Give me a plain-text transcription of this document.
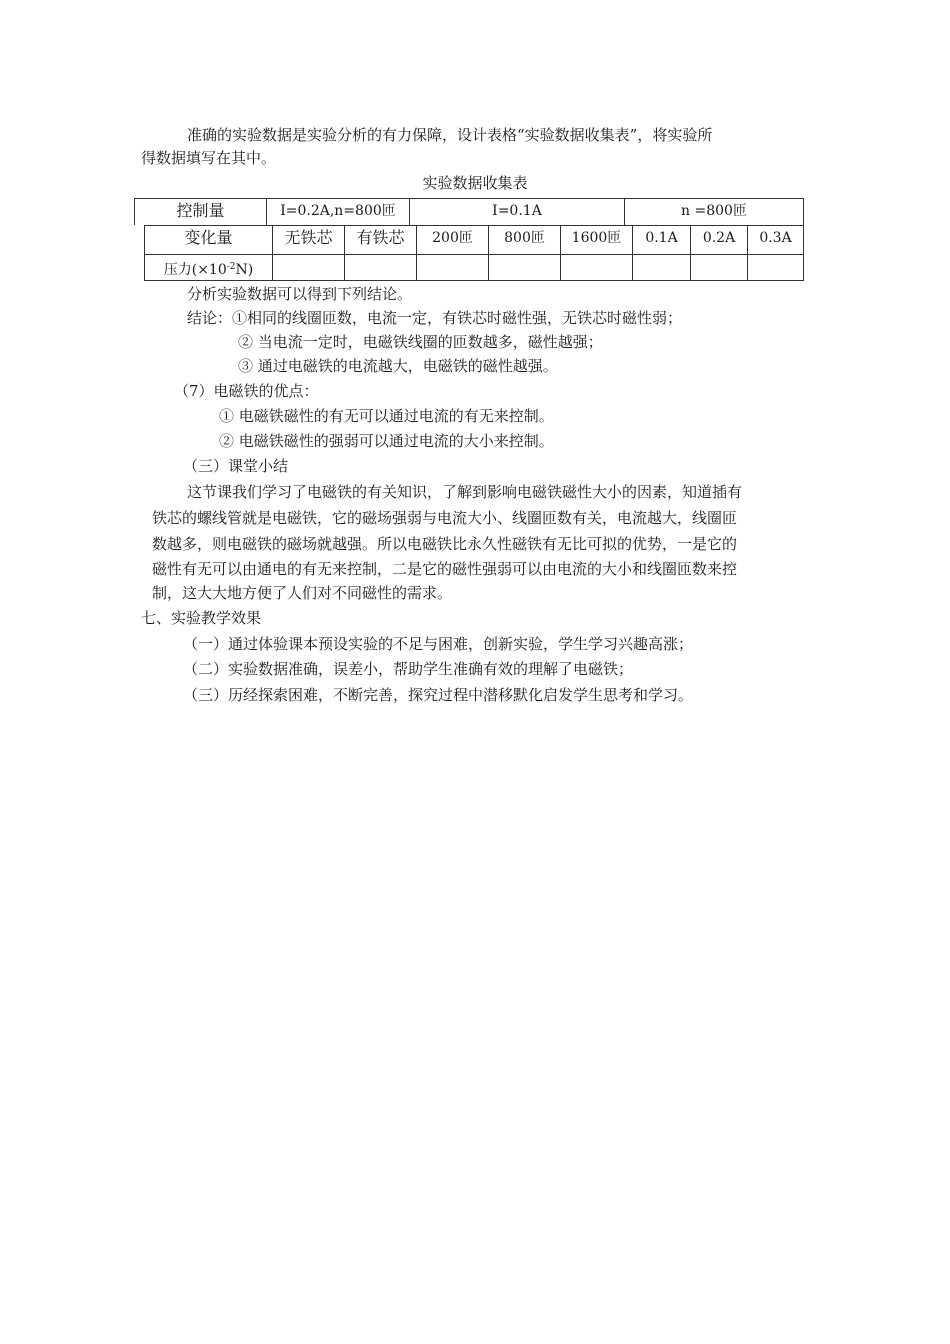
准确的实验数据是实验分析的有力保障，设计表格“实验数据收集表”，将实验所
得数据填写在其中。
实验数据收集表
控制量	I=0.2A,n=800匝	I=0.1A	n =800匝
变化量	无铁芯	有铁芯	200匝	800匝	1600匝	0.1A	0.2A	0.3A
压力$(\times 10^{-2}N)$
分析实验数据可以得到下列结论。
结论：①相同的线圈匝数，电流一定，有铁芯时磁性强，无铁芯时磁性弱；
② 当电流一定时，电磁铁线圈的匝数越多，磁性越强；
③ 通过电磁铁的电流越大，电磁铁的磁性越强。
（7）电磁铁的优点：
① 电磁铁磁性的有无可以通过电流的有无来控制。
② 电磁铁磁性的强弱可以通过电流的大小来控制。
（三）课堂小结
这节课我们学习了电磁铁的有关知识，了解到影响电磁铁磁性大小的因素，知道插有
铁芯的螺线管就是电磁铁，它的磁场强弱与电流大小、线圈匝数有关，电流越大，线圈匝
数越多，则电磁铁的磁场就越强。所以电磁铁比永久性磁铁有无比可拟的优势，一是它的
磁性有无可以由通电的有无来控制，二是它的磁性强弱可以由电流的大小和线圈匝数来控
制，这大大地方便了人们对不同磁性的需求。
七、实验教学效果
（一）通过体验课本预设实验的不足与困难，创新实验，学生学习兴趣高涨；
（二）实验数据准确，误差小，帮助学生准确有效的理解了电磁铁；
（三）历经探索困难，不断完善，探究过程中潜移默化启发学生思考和学习。
